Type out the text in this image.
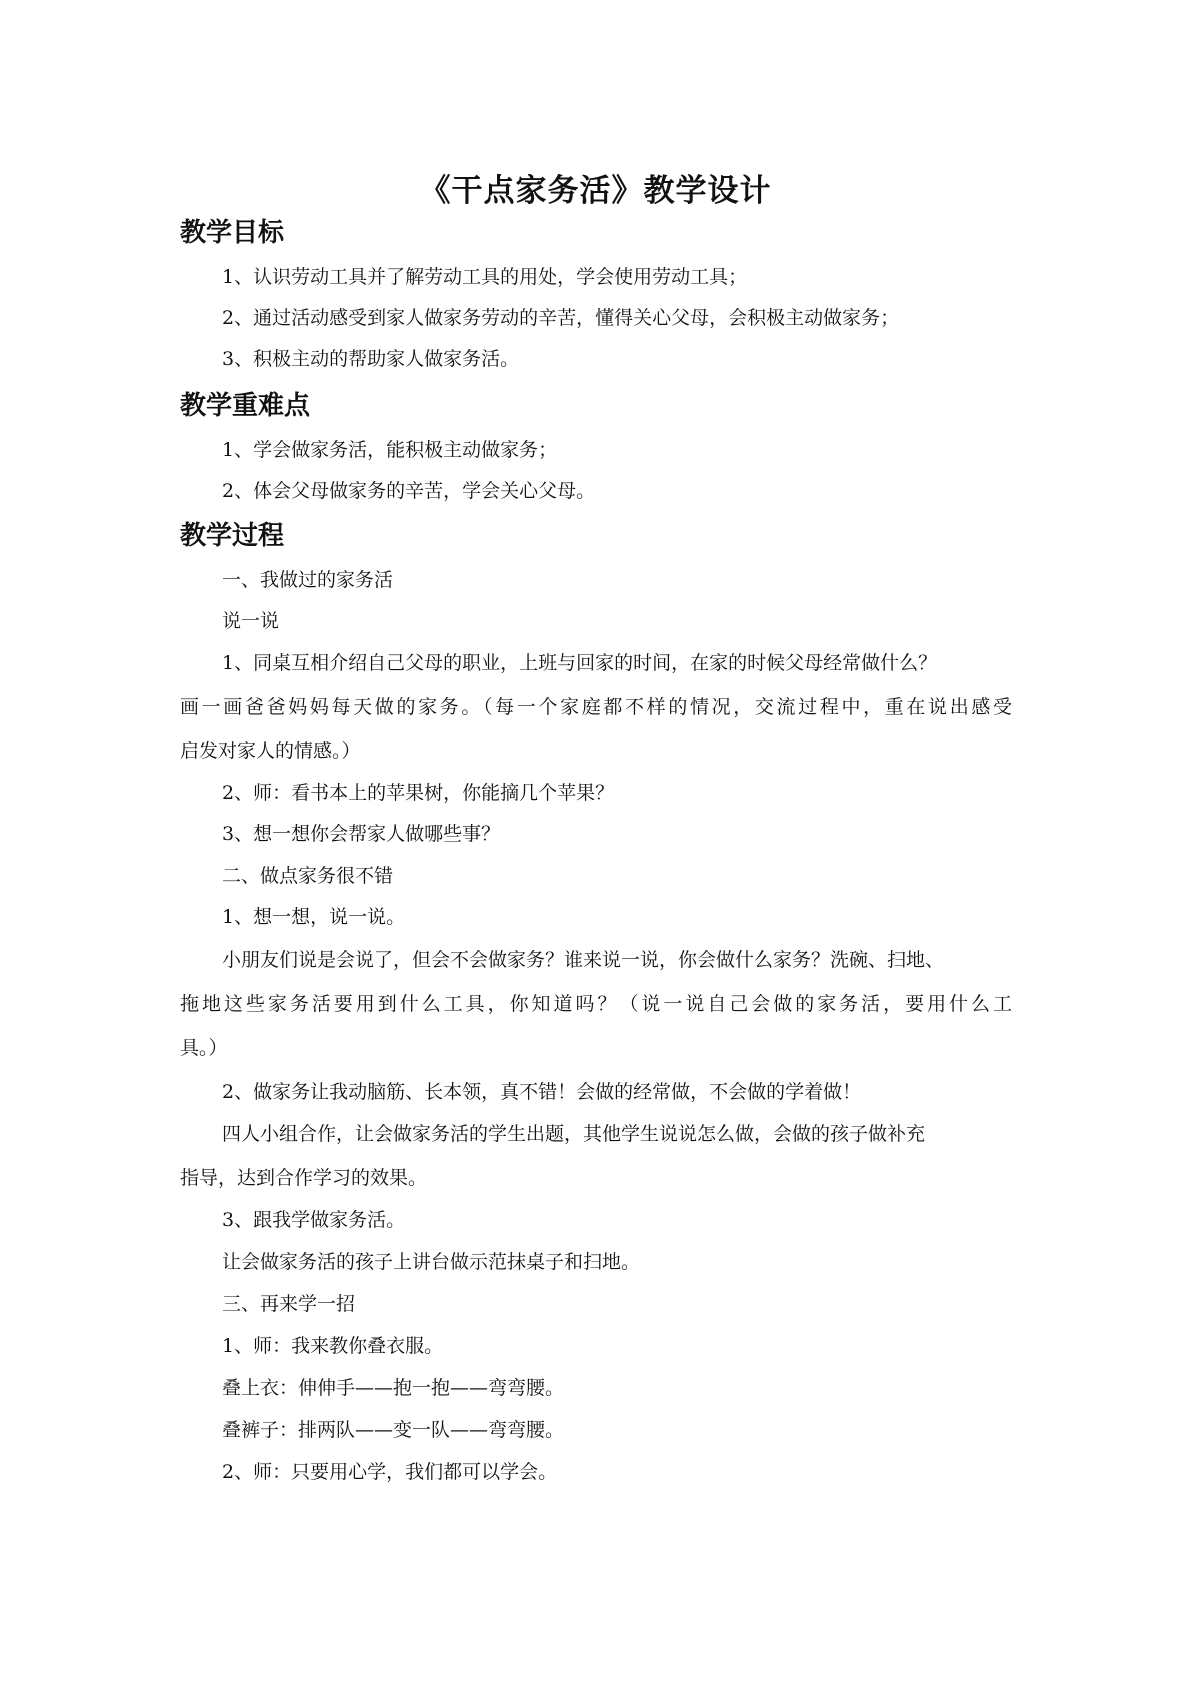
《干点家务活》教学设计
教学目标
1、认识劳动工具并了解劳动工具的用处，学会使用劳动工具；
2、通过活动感受到家人做家务劳动的辛苦，懂得关心父母，会积极主动做家务；
3、积极主动的帮助家人做家务活。
教学重难点
1、学会做家务活，能积极主动做家务；
2、体会父母做家务的辛苦，学会关心父母。
教学过程
一、我做过的家务活
说一说
1、同桌互相介绍自己父母的职业，上班与回家的时间，在家的时候父母经常做什么？
画一画爸爸妈妈每天做的家务。（每一个家庭都不样的情况，交流过程中，重在说出感受
启发对家人的情感。）
2、师：看书本上的苹果树，你能摘几个苹果？
3、想一想你会帮家人做哪些事？
二、做点家务很不错
1、想一想，说一说。
小朋友们说是会说了，但会不会做家务？谁来说一说，你会做什么家务？洗碗、扫地、
拖地这些家务活要用到什么工具，你知道吗？（说一说自己会做的家务活，要用什么工
具。）
2、做家务让我动脑筋、长本领，真不错！会做的经常做，不会做的学着做！
四人小组合作，让会做家务活的学生出题，其他学生说说怎么做，会做的孩子做补充
指导，达到合作学习的效果。
3、跟我学做家务活。
让会做家务活的孩子上讲台做示范抹桌子和扫地。
三、再来学一招
1、师：我来教你叠衣服。
叠上衣：伸伸手——抱一抱——弯弯腰。
叠裤子：排两队——变一队——弯弯腰。
2、师：只要用心学，我们都可以学会。
